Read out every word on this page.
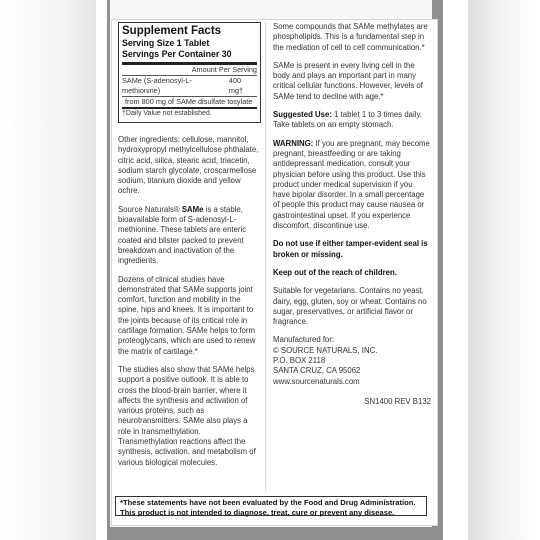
Supplement Facts
Serving Size 1 Tablet
Servings Per Container 30
Amount Per Serving
SAMe (S-adenosyl-L-methionine)
400 mg†
from 800 mg of SAMe disulfate tosylate
†Daily Value not established.

Other ingredients: cellulose, mannitol, hydroxypropyl methylcellulose phthalate, citric acid, silica, stearic acid, triacetin, sodium starch glycolate, croscarmellose sodium, titanium dioxide and yellow ochre.

Source Naturals® SAMe is a stable, bioavailable form of S-adenosyl-L-methionine. These tablets are enteric coated and blister packed to prevent breakdown and inactivation of the ingredients.

Dozens of clinical studies have demonstrated that SAMe supports joint comfort, function and mobility in the spine, hips and knees. It is important to the joints because of its critical role in cartilage formation. SAMe helps to form proteoglycans, which are used to renew the matrix of cartilage.*

The studies also show that SAMe helps support a positive outlook. It is able to cross the blood-brain barrier, where it affects the synthesis and activation of various proteins, such as neurotransmitters. SAMe also plays a role in transmethylation. Transmethylation reactions affect the synthesis, activation, and metabolism of various biological molecules.

Some compounds that SAMe methylates are phospholipids. This is a fundamental step in the mediation of cell to cell communication.*

SAMe is present in every living cell in the body and plays an important part in many critical cellular functions. However, levels of SAMe tend to decline with age.*

Suggested Use: 1 tablet 1 to 3 times daily. Take tablets on an empty stomach.

WARNING: If you are pregnant, may become pregnant, breastfeeding or are taking antidepressant medication, consult your physician before using this product. Use this product under medical supervision if you have bipolar disorder. In a small percentage of people this product may cause nausea or gastrointestinal upset. If you experience discomfort, discontinue use.

Do not use if either tamper-evident seal is broken or missing.

Keep out of the reach of children.

Suitable for vegetarians. Contains no yeast, dairy, egg, gluten, soy or wheat. Contains no sugar, preservatives, or artificial flavor or fragrance.

Manufactured for:
© SOURCE NATURALS, INC.
P.O. BOX 2118
SANTA CRUZ, CA 95062
www.sourcenaturals.com
SN1400 REV B132
*These statements have not been evaluated by the Food and Drug Administration.
This product is not intended to diagnose, treat, cure or prevent any disease.
